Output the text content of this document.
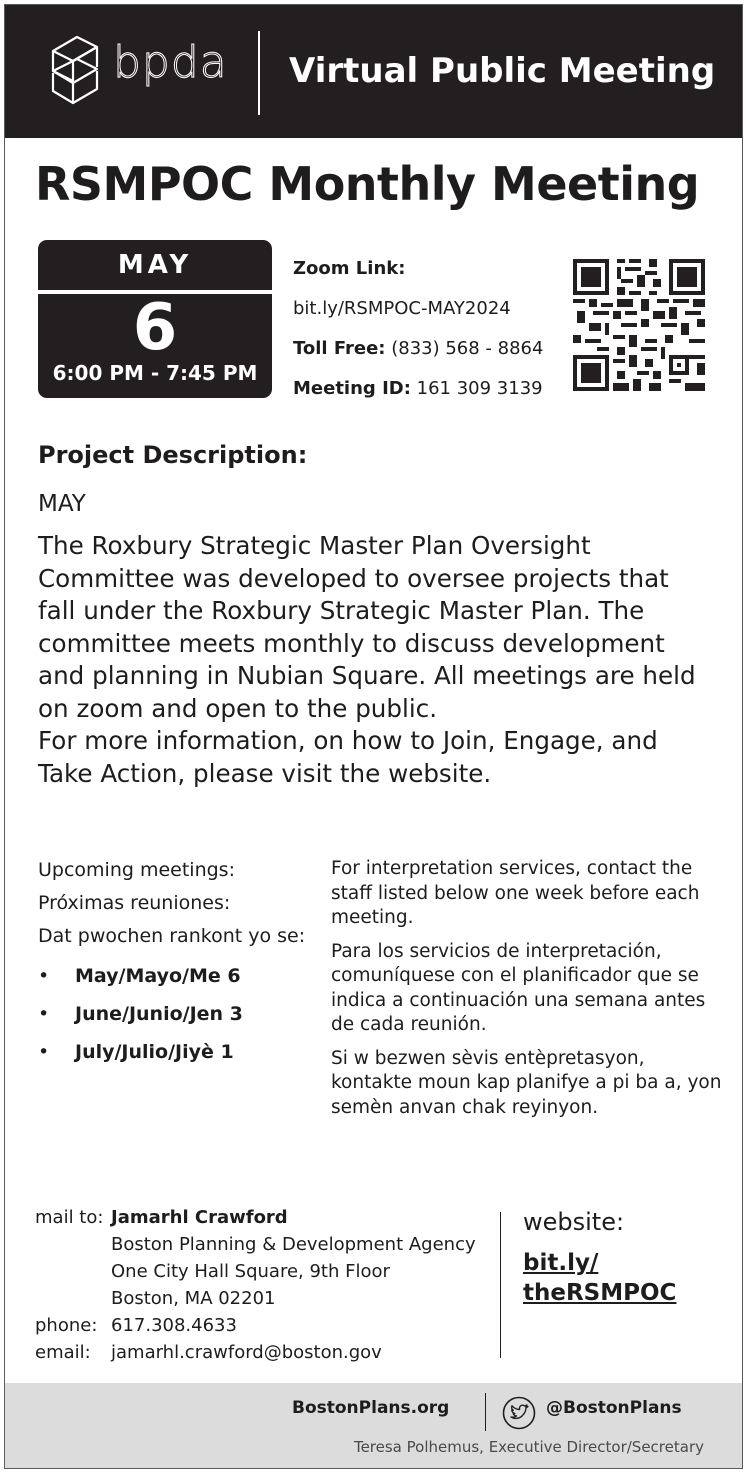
bpda Virtual Public Meeting
RSMPOC Monthly Meeting
MAY
6
6:00 PM - 7:45 PM
Zoom Link:
bit.ly/RSMPOC-MAY2024
Toll Free: (833) 568 - 8864
Meeting ID: 161 309 3139
Project Description:
MAY
The Roxbury Strategic Master Plan Oversight
Committee was developed to oversee projects that
fall under the Roxbury Strategic Master Plan. The
committee meets monthly to discuss development
and planning in Nubian Square. All meetings are held
on zoom and open to the public.
For more information, on how to Join, Engage, and
Take Action, please visit the website.
Upcoming meetings:
Próximas reuniones:
Dat pwochen rankont yo se:
• May/Mayo/Me 6
• June/Junio/Jen 3
• July/Julio/Jiyè 1

For interpretation services, contact the staff listed below one week before each meeting.

Para los servicios de interpretación, comuníquese con el planificador que se indica a continuación una semana antes de cada reunión.

Si w bezwen sèvis entèpretasyon, kontakte moun kap planifye a pi ba a, yon semèn anvan chak reyinyon.

mail to: Jamarhl Crawford
Boston Planning & Development Agency
One City Hall Square, 9th Floor
Boston, MA 02201
phone: 617.308.4633
email:	jamarhl.crawford@boston.gov
website:
bit.ly/
theRSMPOC
BostonPlans.org	@BostonPlans
Teresa Polhemus, Executive Director/Secretary
